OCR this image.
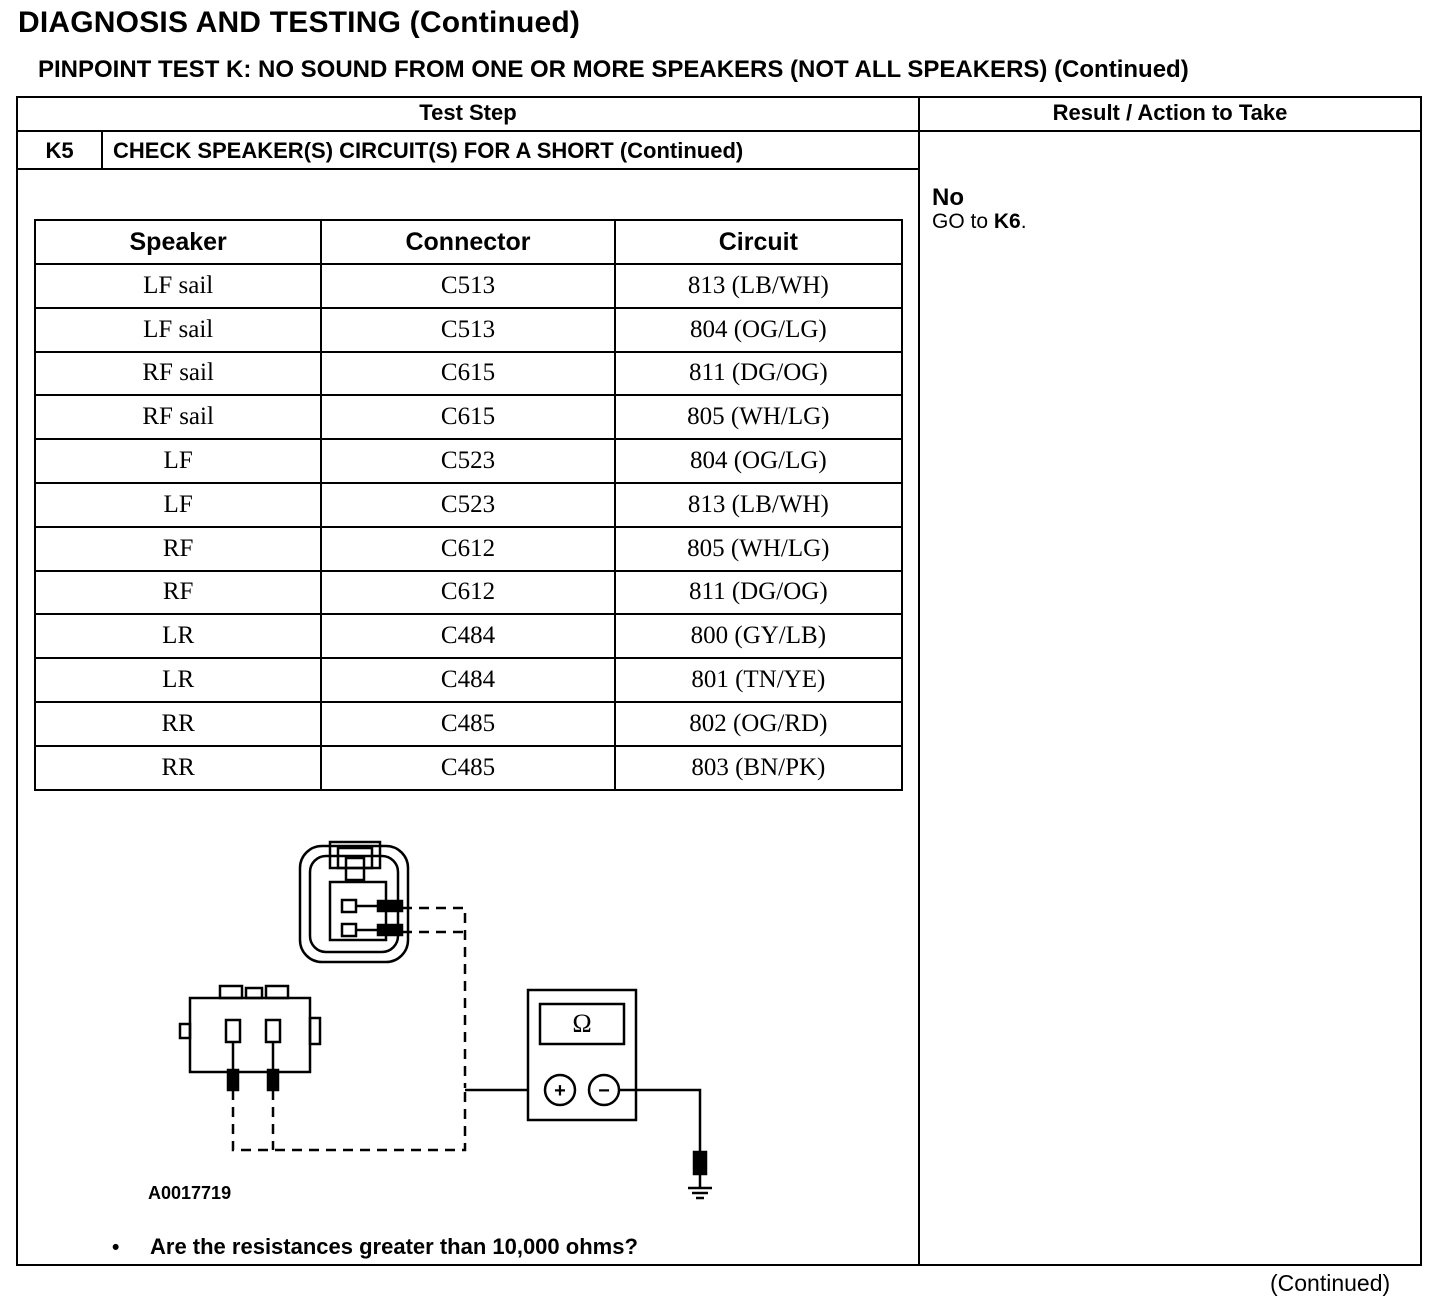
DIAGNOSIS AND TESTING (Continued)
PINPOINT TEST K: NO SOUND FROM ONE OR MORE SPEAKERS (NOT ALL SPEAKERS) (Continued)
Test Step	Result / Action to Take
K5	CHECK SPEAKER(S) CIRCUIT(S) FOR A SHORT (Continued)
No
GO to K6.
Speaker	Connector	Circuit
LF sail	C513	813 (LB/WH)
LF sail	C513	804 (OG/LG)
RF sail	C615	811 (DG/OG)
RF sail	C615	805 (WH/LG)
LF	C523	804 (OG/LG)
LF	C523	813 (LB/WH)
RF	C612	805 (WH/LG)
RF	C612	811 (DG/OG)
LR	C484	800 (GY/LB)
LR	C484	801 (TN/YE)
RR	C485	802 (OG/RD)
RR	C485	803 (BN/PK)
Ω
+ −
A0017719
• Are the resistances greater than 10,000 ohms?
(Continued)
